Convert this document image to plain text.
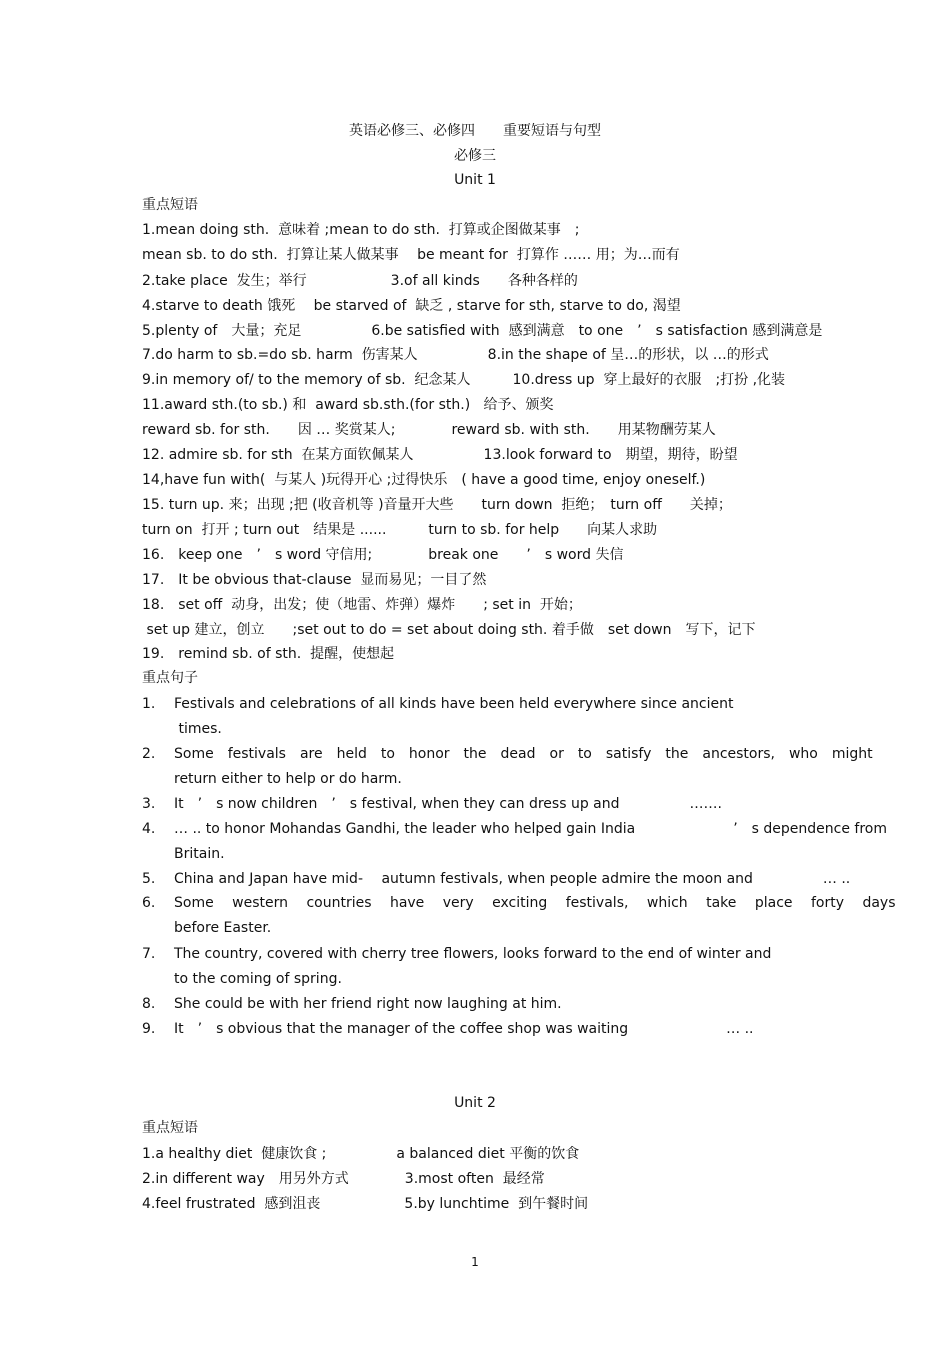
英语必修三、必修四　　重要短语与句型
必修三
Unit 1
重点短语
1.mean doing sth.  意味着 ;mean to do sth.  打算或企图做某事　;
mean sb. to do sth.  打算让某人做某事　 be meant for  打算作 …… 用；为…而有
2.take place  发生；举行　　　　　　3.of all kinds　　各种各样的
4.starve to death 饿死　 be starved of  缺乏 , starve for sth, starve to do, 渴望
5.plenty of　大量；充足　　　　　6.be satisfied with  感到满意　to one　’　s satisfaction 感到满意是
7.do harm to sb.=do sb. harm  伤害某人　　　　　8.in the shape of 呈…的形状，以 …的形式
9.in memory of/ to the memory of sb.  纪念某人　　　10.dress up  穿上最好的衣服　;打扮 ,化装
11.award sth.(to sb.) 和  award sb.sth.(for sth.)   给予、颁奖
reward sb. for sth.　　因 … 奖赏某人;　　　　reward sb. with sth.　　用某物酬劳某人
12. admire sb. for sth  在某方面钦佩某人　　　　　13.look forward to　期望，期待，盼望
14,have fun with(  与某人 )玩得开心 ;过得快乐　( have a good time, enjoy oneself.)
15. turn up. 来；出现 ;把 (收音机等 )音量开大些　　turn down  拒绝；　turn off　　关掉；
turn on  打开 ; turn out　结果是 ......　　　turn to sb. for help　　向某人求助
16.　keep one　’　s word 守信用;　　　　break one　　’　s word 失信
17.　It be obvious that-clause  显而易见；一目了然
18.　set off  动身，出发；使（地雷、炸弹）爆炸　　; set in  开始；
set up 建立，创立　　;set out to do = set about doing sth. 着手做　set down　写下，记下
19.　remind sb. of sth.  提醒，使想起
重点句子
1. Festivals and celebrations of all kinds have been held everywhere since ancient
times.
2. Some　festivals　are　held　to　honor　the　dead　or　to　satisfy　the　ancestors,　who　might
return either to help or do harm.
3. It　’　s now children　’　s festival, when they can dress up and　　　　　…….
4. … .. to honor Mohandas Gandhi, the leader who helped gain India　　　　　　　’　s dependence from
Britain.
5. China and Japan have mid-　 autumn festivals, when people admire the moon and　　　　　… ..
6. Some　 western　 countries　 have　 very　 exciting　 festivals,　 which　 take　 place　 forty　 days
before Easter.
7. The country, covered with cherry tree flowers, looks forward to the end of winter and
to the coming of spring.
8. She could be with her friend right now laughing at him.
9. It　’　s obvious that the manager of the coffee shop was waiting　　　　　　　… ..
Unit 2
重点短语
1.a healthy diet  健康饮食 ;　　　　　a balanced diet 平衡的饮食
2.in different way　用另外方式　　　　3.most often  最经常
4.feel frustrated  感到沮丧　　　　　　5.by lunchtime  到午餐时间
1
